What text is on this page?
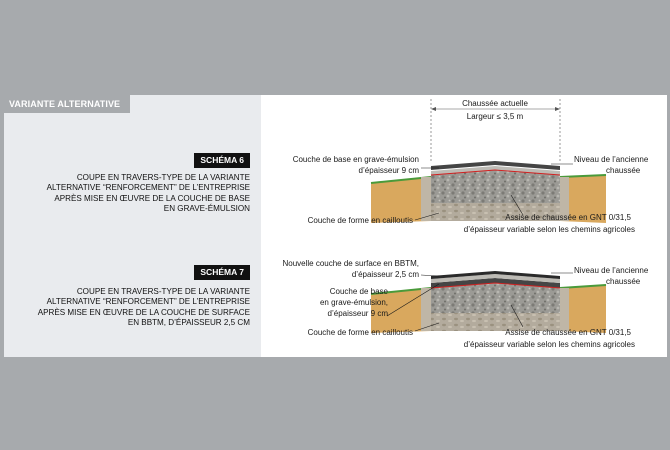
VARIANTE ALTERNATIVE
SCHÉMA 6

COUPE EN TRAVERS-TYPE DE LA VARIANTE
ALTERNATIVE “RENFORCEMENT” DE L’ENTREPRISE
APRÈS MISE EN ŒUVRE DE LA COUCHE DE BASE
EN GRAVE-ÉMULSION

SCHÉMA 7

COUPE EN TRAVERS-TYPE DE LA VARIANTE
ALTERNATIVE “RENFORCEMENT” DE L’ENTREPRISE
APRÈS MISE EN ŒUVRE DE LA COUCHE DE SURFACE
EN BBTM, D’ÉPAISSEUR 2,5 CM

Chaussée actuelle
Largeur ≤ 3,5 m
Couche de base en grave-émulsion
d’épaisseur 9 cm
Niveau de l’ancienne
chaussée
Couche de forme en cailloutis	Assise de chaussée en GNT 0/31,5
d’épaisseur variable selon les chemins agricoles
Nouvelle couche de surface en BBTM,
d’épaisseur 2,5 cm
Couche de base
en grave-émulsion,
d’épaisseur 9 cm
Niveau de l’ancienne
chaussée
Couche de forme en cailloutis	Assise de chaussée en GNT 0/31,5
d’épaisseur variable selon les chemins agricoles
